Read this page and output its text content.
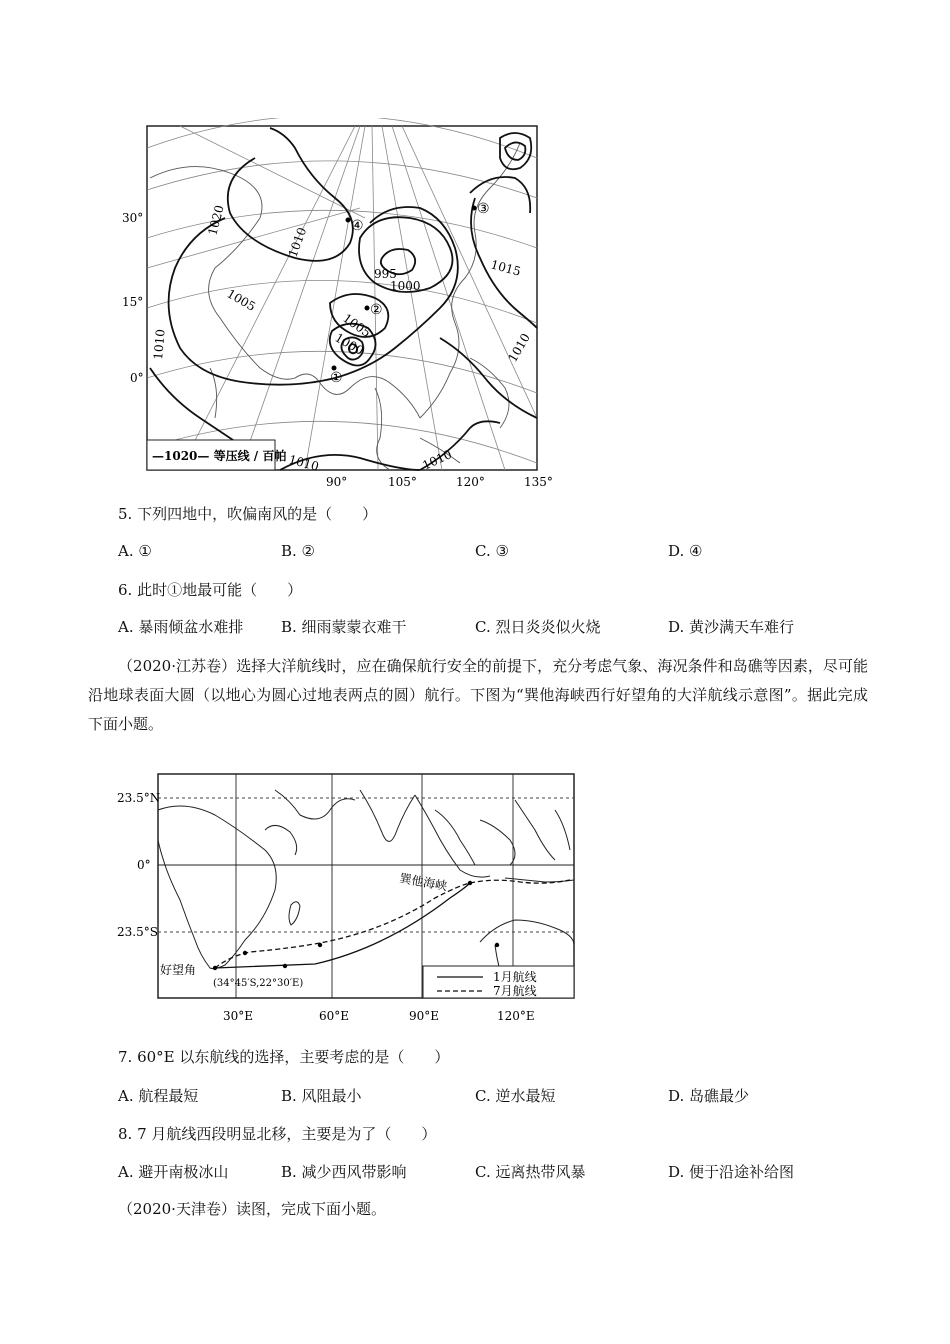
—1020— 等压线 / 百帕
30°
15°
0°
90°	105°	120°	135°
1020
1010
1005
995
1000
1005
1000
1015
1010	1010
1010	1010
①
②
③
④
5. 下列四地中，吹偏南风的是（　　）
A. ①	B. ②	C. ③	D. ④
6. 此时①地最可能（　　）
A. 暴雨倾盆水难排	B. 细雨蒙蒙衣难干	C. 烈日炎炎似火烧	D. 黄沙满天车难行

（2020·江苏卷）选择大洋航线时，应在确保航行安全的前提下，充分考虑气象、海况条件和岛礁等因素，尽可能沿地球表面大圆（以地心为圆心过地表两点的圆）航行。下图为“巽他海峡西行好望角的大洋航线示意图”。据此完成下面小题。

1月航线
7月航线
23.5°N
0°
23.5°S
30°E	60°E	90°E	120°E
巽他海峡
好望角
(34°45′S,22°30′E)
7. 60°E 以东航线的选择，主要考虑的是（　　）
A. 航程最短	B. 风阻最小	C. 逆水最短	D. 岛礁最少
8. 7 月航线西段明显北移，主要是为了（　　）
A. 避开南极冰山	B. 减少西风带影响	C. 远离热带风暴	D. 便于沿途补给图
（2020·天津卷）读图，完成下面小题。
